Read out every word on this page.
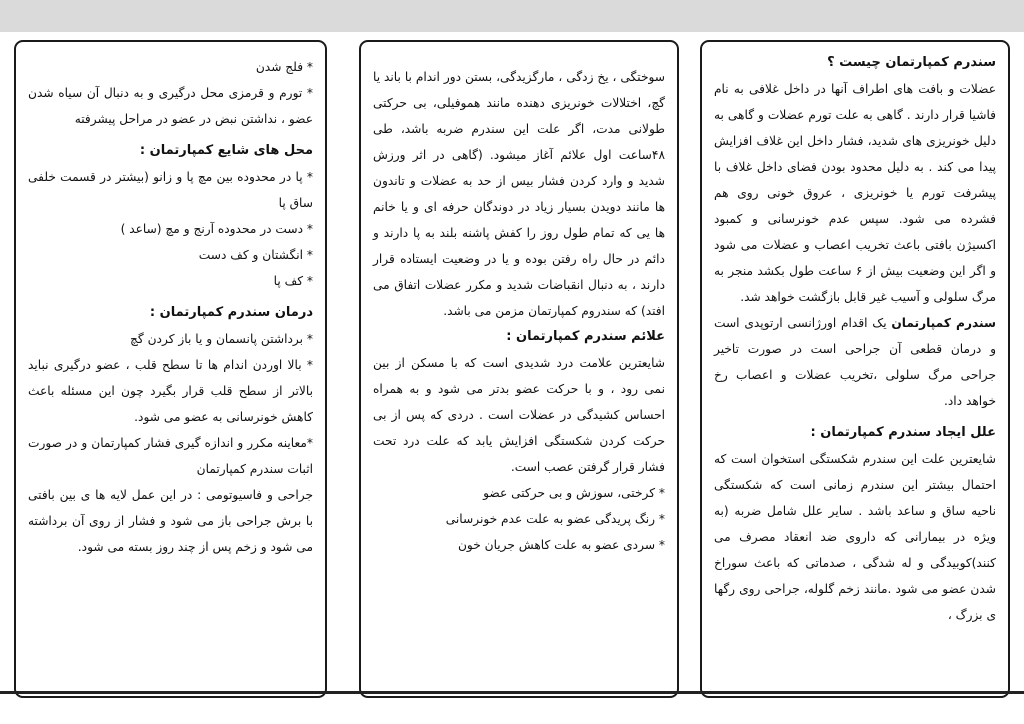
سندرم کمپارتمان چیست ؟

عضلات و بافت های اطراف آنها در داخل غلافی به نام فاشیا قرار دارند . گاهی به علت تورم عضلات و گاهی به دلیل خونریزی های شدید، فشار داخل این غلاف افزایش پیدا می کند . به دلیل محدود بودن فضای داخل غلاف با پیشرفت تورم یا خونریزی ، عروق خونی روی هم فشرده می شود. سپس عدم خونرسانی و کمبود اکسیژن بافتی باعث تخریب اعصاب و عضلات می شود و اگر این وضعیت بیش از ۶ ساعت طول بکشد منجر به مرگ سلولی و آسیب غیر قابل بازگشت خواهد شد.

سندرم کمپارتمان یک اقدام اورژانسی ارتوپدی است و درمان قطعی آن جراحی است در صورت تاخیر جراحی مرگ سلولی ،تخریب عضلات و اعصاب رخ خواهد داد.

علل ایجاد سندرم کمپارتمان :

شایعترین علت این سندرم شکستگی استخوان است که احتمال بیشتر این سندرم زمانی است که شکستگی ناحیه ساق و ساعد باشد . سایر علل شامل ضربه (به ویژه در بیمارانی که داروی ضد انعقاد مصرف می کنند)کوبیدگی و له شدگی ، صدماتی که باعث سوراخ شدن عضو می شود .مانند زخم گلوله، جراحی روی رگها ی بزرگ ،

سوختگی ، یخ زدگی ، مارگزیدگی، بستن دور اندام با باند یا گچ، اختلالات خونریزی دهنده مانند هموفیلی، بی حرکتی طولانی مدت، اگر علت این سندرم ضربه باشد، طی ۴۸ساعت اول علائم آغاز میشود. (گاهی در اثر ورزش شدید و وارد کردن فشار بیس از حد به عضلات و تاندون ها مانند دویدن بسیار زیاد در دوندگان حرفه ای و یا خانم ها یی که تمام طول روز را کفش پاشنه بلند به پا دارند و دائم در حال راه رفتن بوده و یا در وضعیت ایستاده قرار دارند ، به دنبال انقباضات شدید و مکرر عضلات اتفاق می افتد) که سندروم کمپارتمان مزمن می باشد.

علائم سندرم کمپارتمان :

شایعترین علامت درد شدیدی است که با مسکن از بین نمی رود ، و با حرکت عضو بدتر می شود و به همراه احساس کشیدگی در عضلات است . دردی که پس از بی حرکت کردن شکستگی افزایش یابد که علت درد تحت فشار قرار گرفتن عصب است.

* کرختی، سوزش و بی حرکتی عضو

* رنگ پریدگی عضو به علت عدم خونرسانی

* سردی عضو به علت کاهش جریان خون

* فلج شدن

* تورم و قرمزی محل درگیری و به دنبال آن سیاه شدن عضو ، نداشتن نبض در عضو در مراحل پیشرفته

محل های شایع کمپارتمان :

* پا در محدوده بین مچ پا و زانو (بیشتر در قسمت خلفی ساق پا

* دست در محدوده آرنج و مچ (ساعد )

* انگشتان و کف دست

* کف پا

درمان سندرم کمپارتمان :

* برداشتن پانسمان و یا باز کردن گچ

* بالا اوردن اندام ها تا سطح قلب ، عضو درگیری نباید بالاتر از سطح قلب قرار بگیرد چون این مسئله باعث کاهش خونرسانی به عضو می شود.

*معاینه مکرر و اندازه گیری فشار کمپارتمان و در صورت اثبات سندرم کمپارتمان

جراحی و فاسیوتومی : در این عمل لایه ها ی بین بافتی با برش جراحی باز می شود و فشار از روی آن برداشته می شود و زخم پس از چند روز بسته می شود.
